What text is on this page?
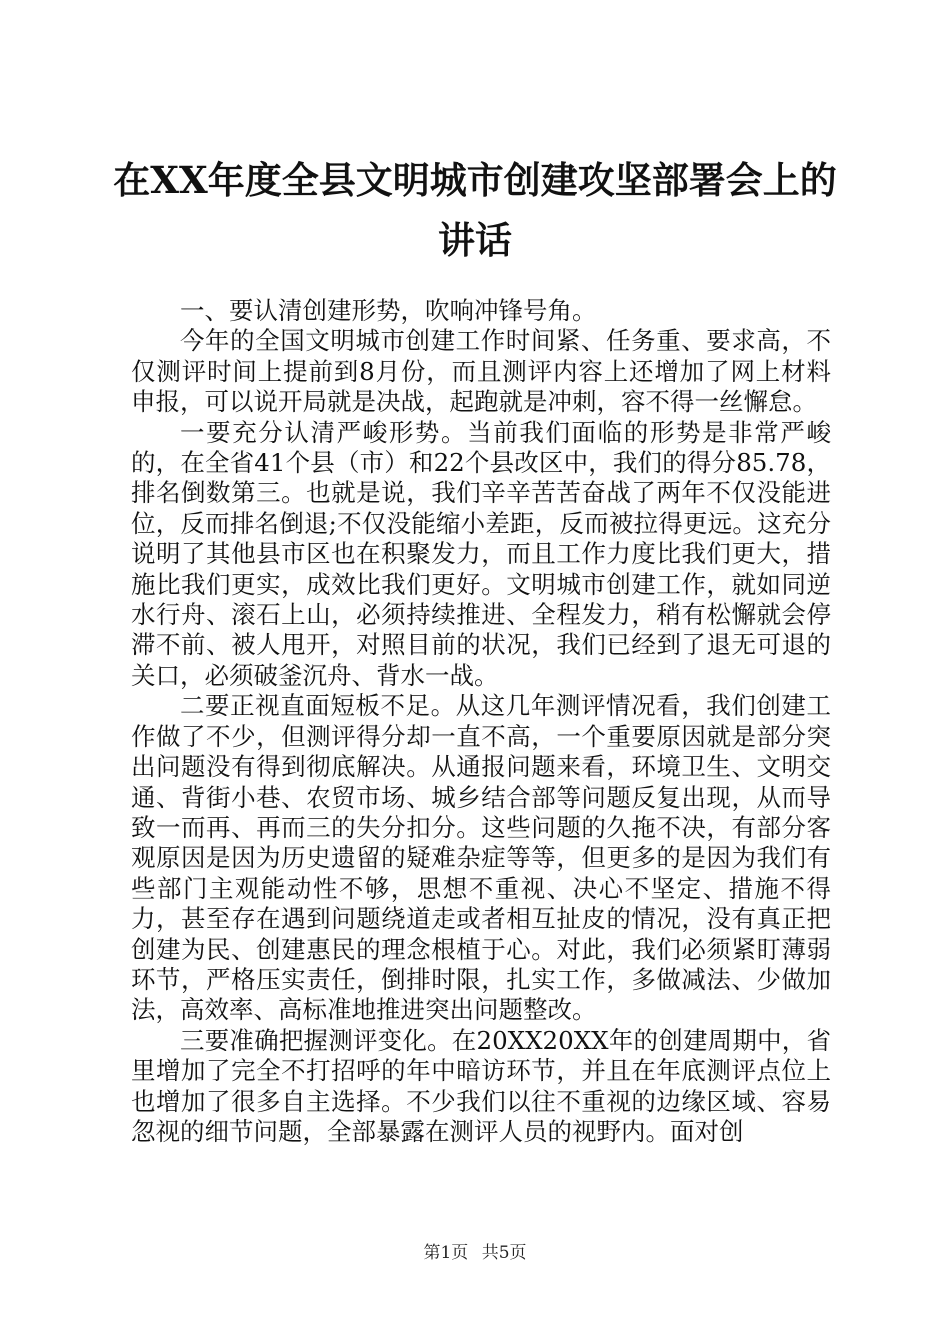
在XX年度全县文明城市创建攻坚部署会上的讲话

一、要认清创建形势，吹响冲锋号角。

今年的全国文明城市创建工作时间紧、任务重、要求高，不仅测评时间上提前到8月份，而且测评内容上还增加了网上材料申报，可以说开局就是决战，起跑就是冲刺，容不得一丝懈怠。

一要充分认清严峻形势。当前我们面临的形势是非常严峻的，在全省41个县（市）和22个县改区中，我们的得分85.78，排名倒数第三。也就是说，我们辛辛苦苦奋战了两年不仅没能进位，反而排名倒退;不仅没能缩小差距，反而被拉得更远。这充分说明了其他县市区也在积聚发力，而且工作力度比我们更大，措施比我们更实，成效比我们更好。文明城市创建工作，就如同逆水行舟、滚石上山，必须持续推进、全程发力，稍有松懈就会停滞不前、被人甩开，对照目前的状况，我们已经到了退无可退的关口，必须破釜沉舟、背水一战。

二要正视直面短板不足。从这几年测评情况看，我们创建工作做了不少，但测评得分却一直不高，一个重要原因就是部分突出问题没有得到彻底解决。从通报问题来看，环境卫生、文明交通、背街小巷、农贸市场、城乡结合部等问题反复出现，从而导致一而再、再而三的失分扣分。这些问题的久拖不决，有部分客观原因是因为历史遗留的疑难杂症等等，但更多的是因为我们有些部门主观能动性不够，思想不重视、决心不坚定、措施不得力，甚至存在遇到问题绕道走或者相互扯皮的情况，没有真正把创建为民、创建惠民的理念根植于心。对此，我们必须紧盯薄弱环节，严格压实责任，倒排时限，扎实工作，多做减法、少做加法，高效率、高标准地推进突出问题整改。

三要准确把握测评变化。在20XX20XX年的创建周期中，省里增加了完全不打招呼的年中暗访环节，并且在年底测评点位上也增加了很多自主选择。不少我们以往不重视的边缘区域、容易忽视的细节问题，全部暴露在测评人员的视野内。面对创

第1页 共5页
